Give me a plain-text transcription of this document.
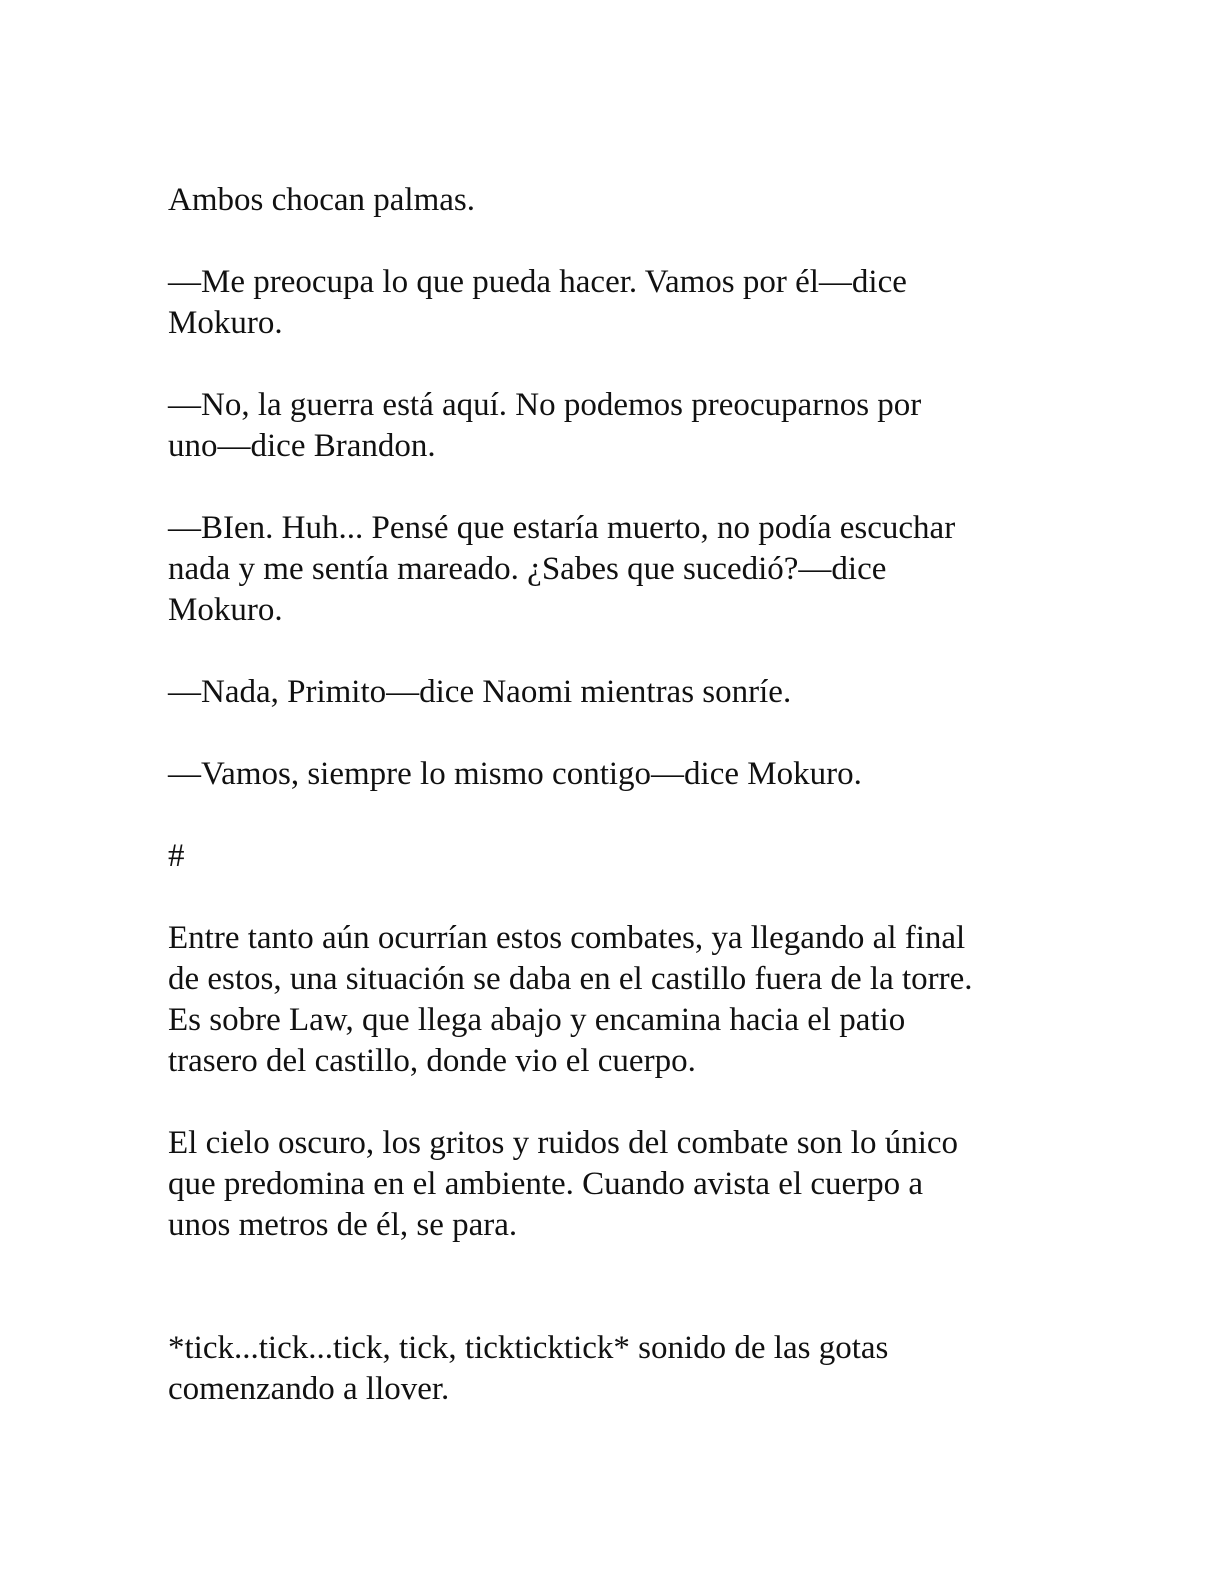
Ambos chocan palmas.

—Me preocupa lo que pueda hacer. Vamos por él—dice
Mokuro.

—No, la guerra está aquí. No podemos preocuparnos por
uno—dice Brandon.

—BIen. Huh... Pensé que estaría muerto, no podía escuchar
nada y me sentía mareado. ¿Sabes que sucedió?—dice
Mokuro.

—Nada, Primito—dice Naomi mientras sonríe.

—Vamos, siempre lo mismo contigo—dice Mokuro.

#

Entre tanto aún ocurrían estos combates, ya llegando al final
de estos, una situación se daba en el castillo fuera de la torre.
Es sobre Law, que llega abajo y encamina hacia el patio
trasero del castillo, donde vio el cuerpo.

El cielo oscuro, los gritos y ruidos del combate son lo único
que predomina en el ambiente. Cuando avista el cuerpo a
unos metros de él, se para.

*tick...tick...tick, tick, tickticktick* sonido de las gotas
comenzando a llover.
